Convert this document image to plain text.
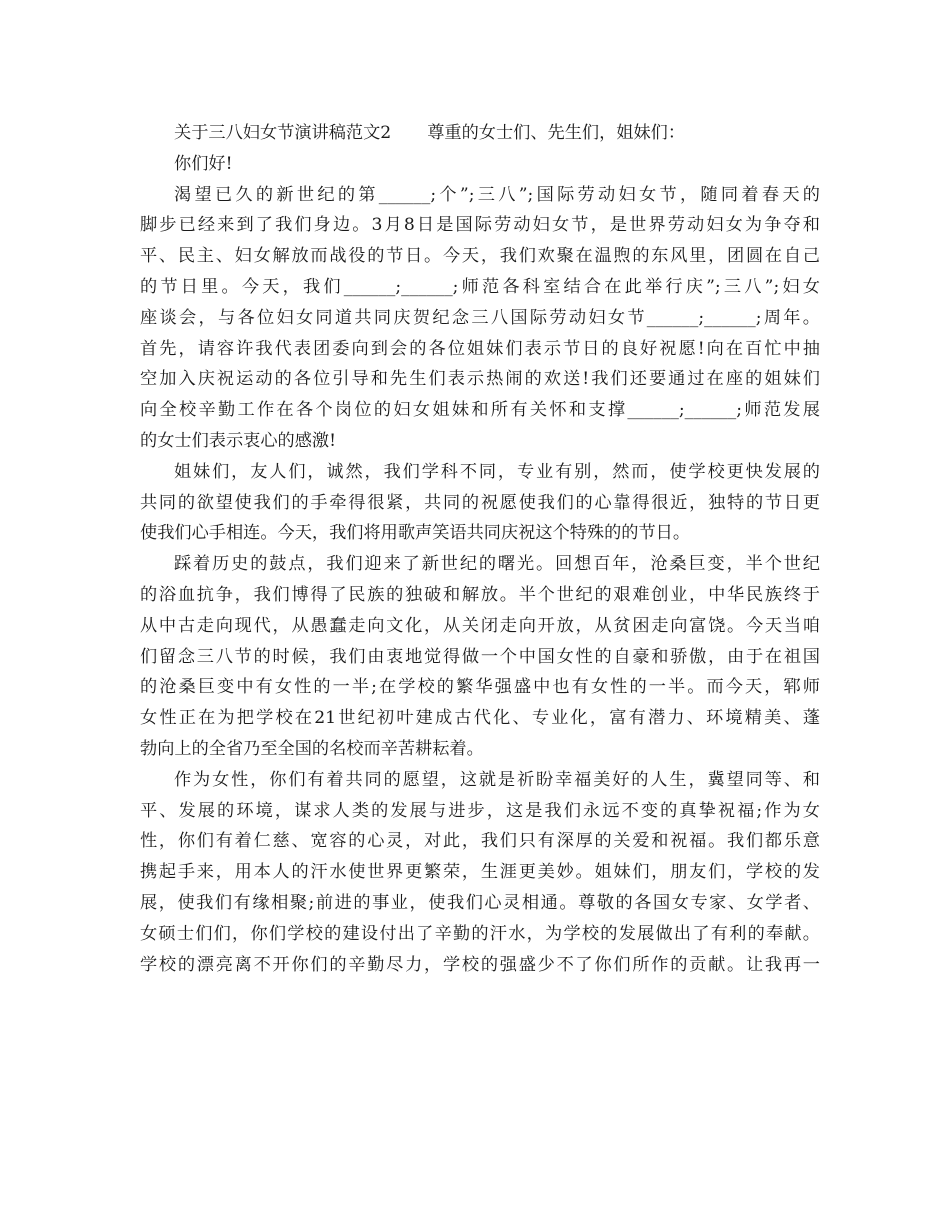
关于三八妇女节演讲稿范文2 尊重的女士们、先生们，姐妹们：
你们好!
渴望已久的新世纪的第______;个”;三八”;国际劳动妇女节，随同着春天的
脚步已经来到了我们身边。3月8日是国际劳动妇女节，是世界劳动妇女为争夺和
平、民主、妇女解放而战役的节日。今天，我们欢聚在温煦的东风里，团圆在自己
的节日里。今天，我们______;______;师范各科室结合在此举行庆”;三八”;妇女
座谈会，与各位妇女同道共同庆贺纪念三八国际劳动妇女节______;______;周年。
首先，请容许我代表团委向到会的各位姐妹们表示节日的良好祝愿!向在百忙中抽
空加入庆祝运动的各位引导和先生们表示热闹的欢送!我们还要通过在座的姐妹们
向全校辛勤工作在各个岗位的妇女姐妹和所有关怀和支撑______;______;师范发展
的女士们表示衷心的感激!
姐妹们，友人们，诚然，我们学科不同，专业有别，然而，使学校更快发展的
共同的欲望使我们的手牵得很紧，共同的祝愿使我们的心靠得很近，独特的节日更
使我们心手相连。今天，我们将用歌声笑语共同庆祝这个特殊的的节日。
踩着历史的鼓点，我们迎来了新世纪的曙光。回想百年，沧桑巨变，半个世纪
的浴血抗争，我们博得了民族的独破和解放。半个世纪的艰难创业，中华民族终于
从中古走向现代，从愚蠢走向文化，从关闭走向开放，从贫困走向富饶。今天当咱
们留念三八节的时候，我们由衷地觉得做一个中国女性的自豪和骄傲，由于在祖国
的沧桑巨变中有女性的一半;在学校的繁华强盛中也有女性的一半。而今天，郓师
女性正在为把学校在21世纪初叶建成古代化、专业化，富有潜力、环境精美、蓬
勃向上的全省乃至全国的名校而辛苦耕耘着。
作为女性，你们有着共同的愿望，这就是祈盼幸福美好的人生，冀望同等、和
平、发展的环境，谋求人类的发展与进步，这是我们永远不变的真挚祝福;作为女
性，你们有着仁慈、宽容的心灵，对此，我们只有深厚的关爱和祝福。我们都乐意
携起手来，用本人的汗水使世界更繁荣，生涯更美妙。姐妹们，朋友们，学校的发
展，使我们有缘相聚;前进的事业，使我们心灵相通。尊敬的各国女专家、女学者、
女硕士们们，你们学校的建设付出了辛勤的汗水，为学校的发展做出了有利的奉献。
学校的漂亮离不开你们的辛勤尽力，学校的强盛少不了你们所作的贡献。让我再一
